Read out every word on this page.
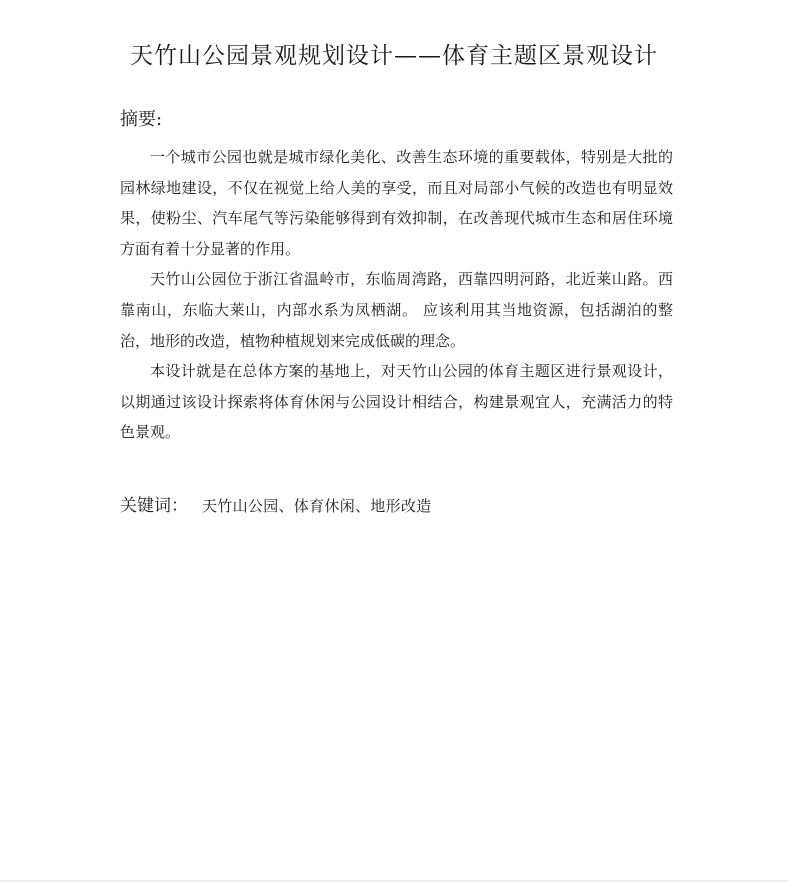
天竹山公园景观规划设计——体育主题区景观设计
摘要:

一个城市公园也就是城市绿化美化、改善生态环境的重要载体，特别是大批的园林绿地建设，不仅在视觉上给人美的享受，而且对局部小气候的改造也有明显效果，使粉尘、汽车尾气等污染能够得到有效抑制，在改善现代城市生态和居住环境方面有着十分显著的作用。

天竹山公园位于浙江省温岭市，东临周湾路，西靠四明河路，北近莱山路。西靠南山，东临大莱山，内部水系为凤栖湖。 应该利用其当地资源，包括湖泊的整治，地形的改造，植物种植规划来完成低碳的理念。

本设计就是在总体方案的基地上，对天竹山公园的体育主题区进行景观设计，以期通过该设计探索将体育休闲与公园设计相结合，构建景观宜人，充满活力的特色景观。

关键词： 天竹山公园、体育休闲、地形改造
